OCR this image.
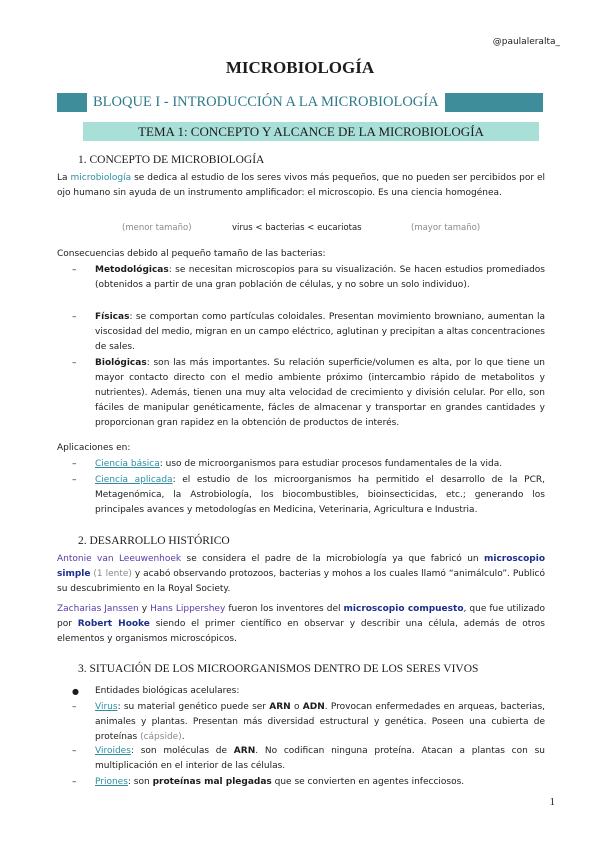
@paulaleralta_
MICROBIOLOGÍA
BLOQUE I - INTRODUCCIÓN A LA MICROBIOLOGÍA
TEMA 1: CONCEPTO Y ALCANCE DE LA MICROBIOLOGÍA
1. CONCEPTO DE MICROBIOLOGÍA

La microbiología se dedica al estudio de los seres vivos más pequeños, que no pueden ser percibidos por el ojo humano sin ayuda de un instrumento amplificador: el microscopio. Es una ciencia homogénea.

(menor tamaño)	virus < bacterias < eucariotas	(mayor tamaño)
Consecuencias debido al pequeño tamaño de las bacterias:
– Metodológicas: se necesitan microscopios para su visualización. Se hacen estudios promediados (obtenidos a partir de una gran población de células, y no sobre un solo individuo).
– Físicas: se comportan como partículas coloidales. Presentan movimiento browniano, aumentan la viscosidad del medio, migran en un campo eléctrico, aglutinan y precipitan a altas concentraciones de sales.
– Biológicas: son las más importantes. Su relación superficie/volumen es alta, por lo que tiene un mayor contacto directo con el medio ambiente próximo (intercambio rápido de metabolitos y nutrientes). Además, tienen una muy alta velocidad de crecimiento y división celular. Por ello, son fáciles de manipular genéticamente, fácles de almacenar y transportar en grandes cantidades y proporcionan gran rapidez en la obtención de productos de interés.
Aplicaciones en:
– Ciencia básica: uso de microorganismos para estudiar procesos fundamentales de la vida.
– Ciencia aplicada: el estudio de los microorganismos ha permitido el desarrollo de la PCR, Metagenómica, la Astrobiología, los biocombustibles, bioinsecticidas, etc.; generando los principales avances y metodologías en Medicina, Veterinaria, Agricultura e Industria.
2. DESARROLLO HISTÓRICO

Antonie van Leeuwenhoek se considera el padre de la microbiología ya que fabricó un microscopio simple (1 lente) y acabó observando protozoos, bacterias y mohos a los cuales llamó “animálculo”. Publicó su descubrimiento en la Royal Society.

Zacharias Janssen y Hans Lippershey fueron los inventores del microscopio compuesto, que fue utilizado por Robert Hooke siendo el primer científico en observar y describir una célula, además de otros elementos y organismos microscópicos.

3. SITUACIÓN DE LOS MICROORGANISMOS DENTRO DE LOS SERES VIVOS
● Entidades biológicas acelulares:
– Virus: su material genético puede ser ARN o ADN. Provocan enfermedades en arqueas, bacterias, animales y plantas. Presentan más diversidad estructural y genética. Poseen una cubierta de proteínas (cápside).
– Viroides: son moléculas de ARN. No codifican ninguna proteína. Atacan a plantas con su multiplicación en el interior de las células.
– Priones: son proteínas mal plegadas que se convierten en agentes infecciosos.
1
